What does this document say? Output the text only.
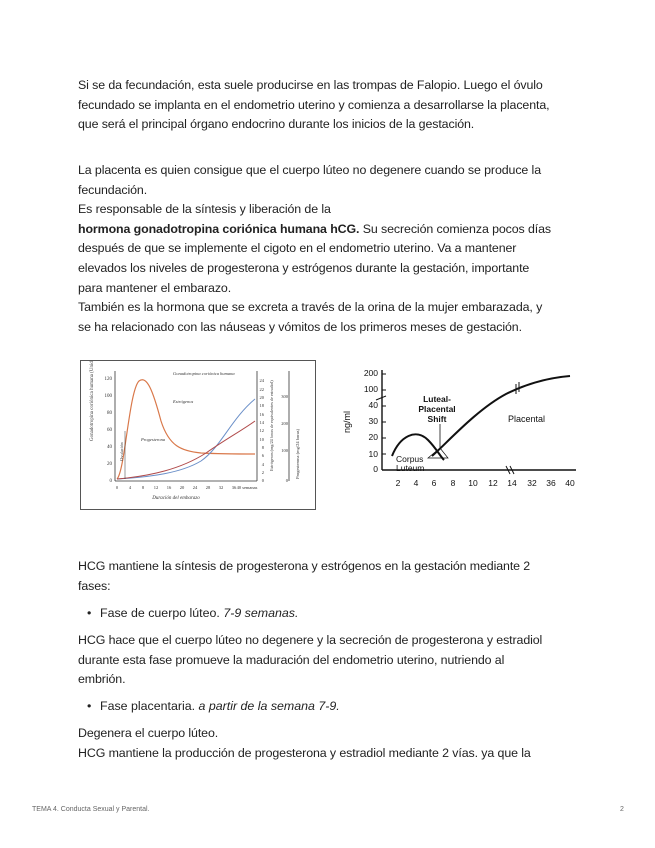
Si se da fecundación, esta suele producirse en las trompas de Falopio. Luego el óvulo
fecundado se implanta en el endometrio uterino y comienza a desarrollarse la placenta,
que será el principal órgano endocrino durante los inicios de la gestación.
La placenta es quien consigue que el cuerpo lúteo no degenere cuando se produce la
fecundación.
Es responsable de la síntesis y liberación de la
hormona gonadotropina coriónica humana hCG. Su secreción comienza pocos días
después de que se implemente el cigoto en el endometrio uterino. Va a mantener
elevados los niveles de progesterona y estrógenos durante la gestación, importante
para mantener el embarazo.
También es la hormona que se excreta a través de la orina de la mujer embarazada, y
se ha relacionado con las náuseas y vómitos de los primeros meses de gestación.
Gonadotropina coriónica humana (Unidades/ml)
0
20
40
60
80
100
120
0
2
4
6
8
10
12
14
16
18
20
22
24 Estrógenos (mg/24 horas de equivalentes de estradiol)
0
100
200
300
Progesterona (mg/24 horas)
0 4 8 12 16 20 24 28 32 36 40 semanas
Duración del embarazo
Ovulación
Gonadotropina coriónica humana
Estrógenos
Progesterona
ng/ml
0
10
20
30
40
100
200
2 4 6 8 10 12 14 32 36 40
Luteal-
Placental
Shift	Placental
Corpus
Luteum
HCG mantiene la síntesis de progesterona y estrógenos en la gestación mediante 2
fases:
• Fase de cuerpo lúteo. 7-9 semanas.
HCG hace que el cuerpo lúteo no degenere y la secreción de progesterona y estradiol
durante esta fase promueve la maduración del endometrio uterino, nutriendo al
embrión.
• Fase placentaria. a partir de la semana 7-9.
Degenera el cuerpo lúteo.
HCG mantiene la producción de progesterona y estradiol mediante 2 vías. ya que la
TEMA 4. Conducta Sexual y Parental.	2
